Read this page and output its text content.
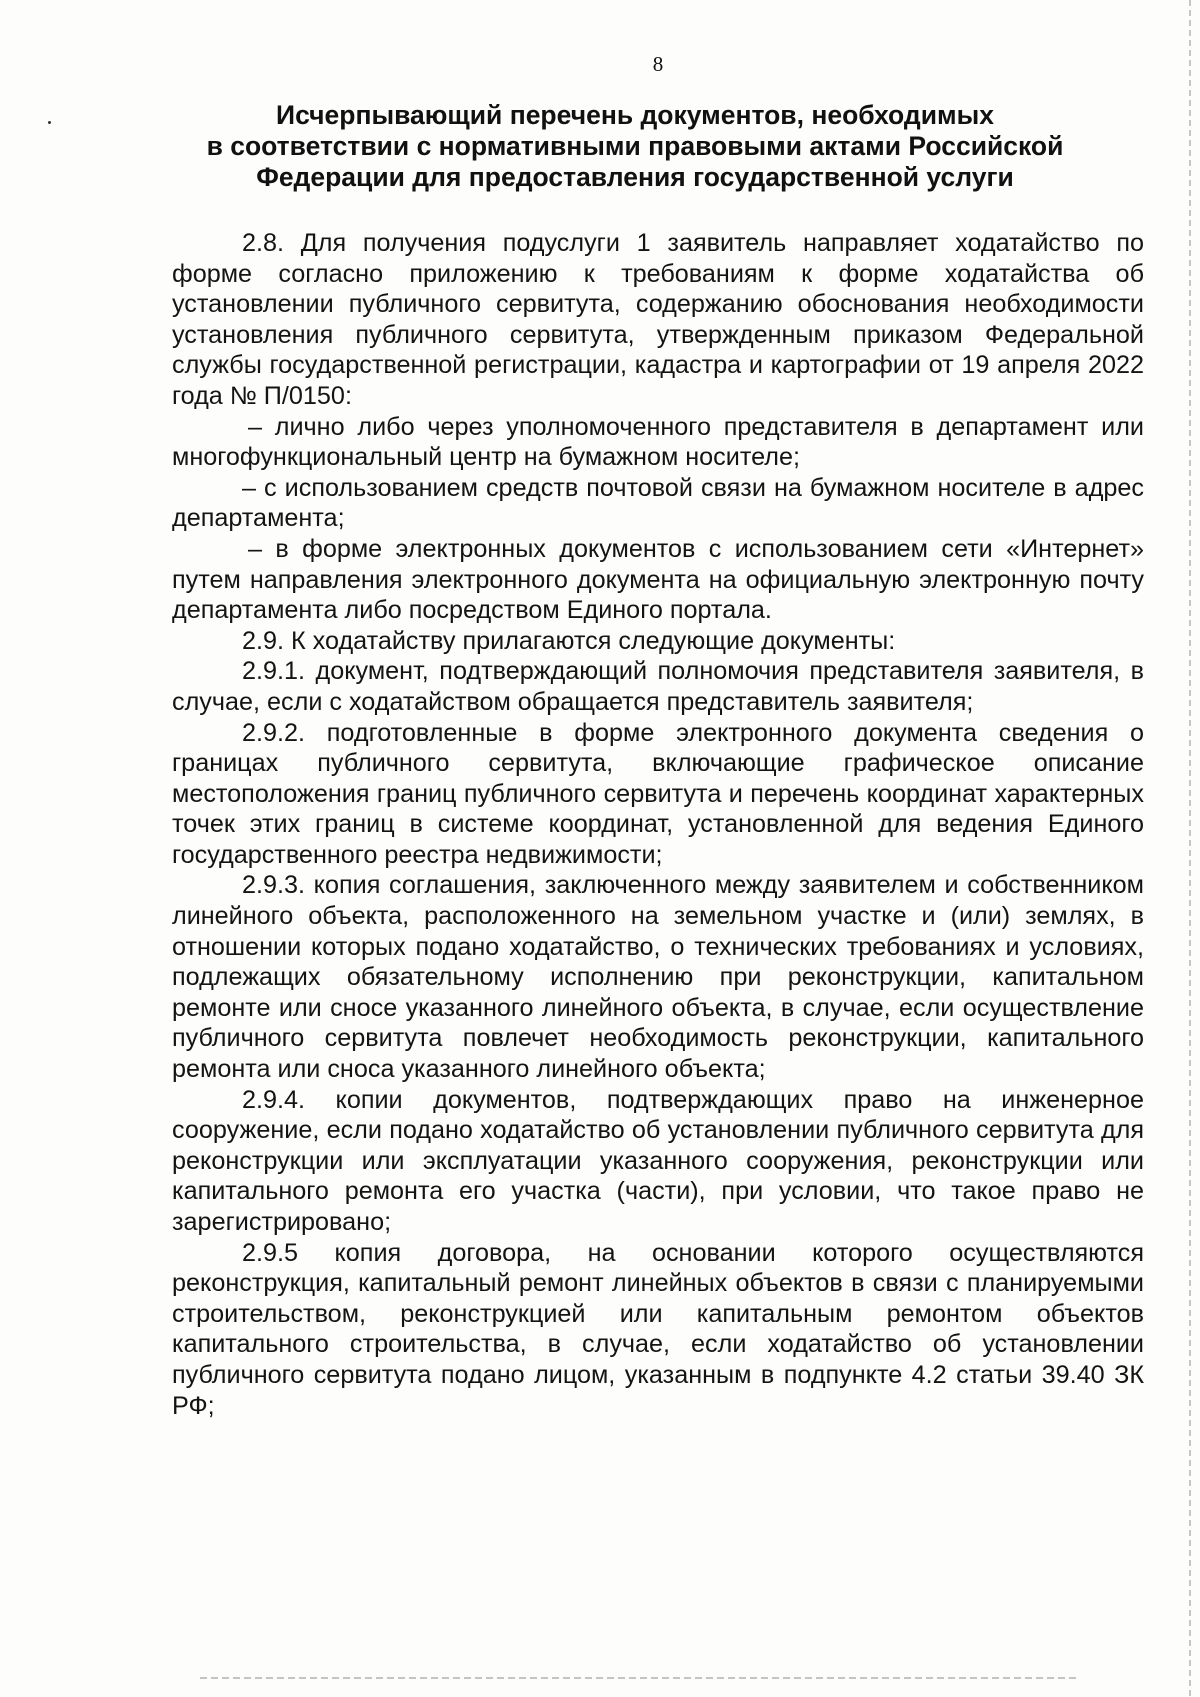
8
Исчерпывающий перечень документов, необходимых
в соответствии с нормативными правовыми актами Российской
Федерации для предоставления государственной услуги

2.8. Для получения подуслуги 1 заявитель направляет ходатайство по форме согласно приложению к требованиям к форме ходатайства об установлении публичного сервитута, содержанию обоснования необходимости установления публичного сервитута, утвержденным приказом Федеральной службы государственной регистрации, кадастра и картографии от 19 апреля 2022 года № П/0150:

– лично либо через уполномоченного представителя в департамент или многофункциональный центр на бумажном носителе;

– с использованием средств почтовой связи на бумажном носителе в адрес департамента;

– в форме электронных документов с использованием сети «Интернет» путем направления электронного документа на официальную электронную почту департамента либо посредством Единого портала.

2.9. К ходатайству прилагаются следующие документы:

2.9.1. документ, подтверждающий полномочия представителя заявителя, в случае, если с ходатайством обращается представитель заявителя;

2.9.2. подготовленные в форме электронного документа сведения о границах публичного сервитута, включающие графическое описание местоположения границ публичного сервитута и перечень координат характерных точек этих границ в системе координат, установленной для ведения Единого государственного реестра недвижимости;

2.9.3. копия соглашения, заключенного между заявителем и собственником линейного объекта, расположенного на земельном участке и (или) землях, в отношении которых подано ходатайство, о технических требованиях и условиях, подлежащих обязательному исполнению при реконструкции, капитальном ремонте или сносе указанного линейного объекта, в случае, если осуществление публичного сервитута повлечет необходимость реконструкции, капитального ремонта или сноса указанного линейного объекта;

2.9.4. копии документов, подтверждающих право на инженерное сооружение, если подано ходатайство об установлении публичного сервитута для реконструкции или эксплуатации указанного сооружения, реконструкции или капитального ремонта его участка (части), при условии, что такое право не зарегистрировано;

2.9.5 копия договора, на основании которого осуществляются реконструкция, капитальный ремонт линейных объектов в связи с планируемыми строительством, реконструкцией или капитальным ремонтом объектов капитального строительства, в случае, если ходатайство об установлении публичного сервитута подано лицом, указанным в подпункте 4.2 статьи 39.40 ЗК РФ;
